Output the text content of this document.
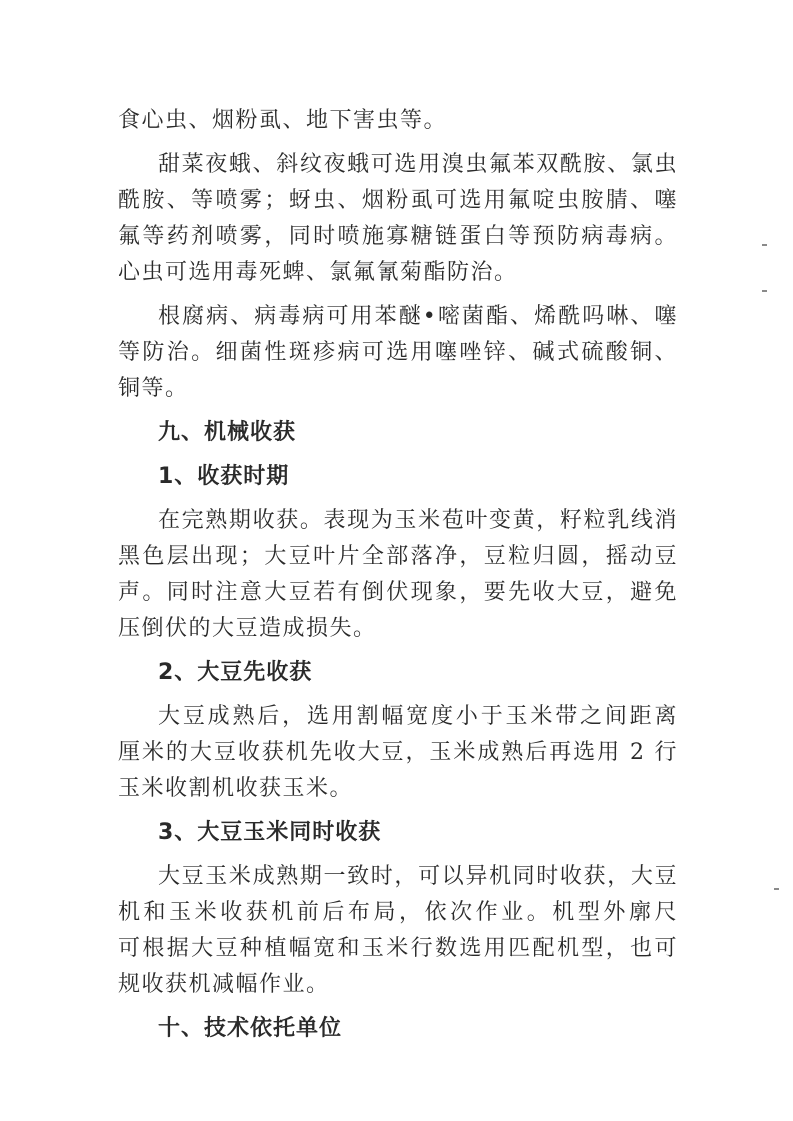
食心虫、烟粉虱、地下害虫等。
甜菜夜蛾、斜纹夜蛾可选用溴虫氟苯双酰胺、氯虫
酰胺、等喷雾；蚜虫、烟粉虱可选用氟啶虫胺腈、噻
氟等药剂喷雾，同时喷施寡糖链蛋白等预防病毒病。
心虫可选用毒死蜱、氯氟氰菊酯防治。
根腐病、病毒病可用苯醚•嘧菌酯、烯酰吗啉、噻
等防治。细菌性斑疹病可选用噻唑锌、碱式硫酸铜、
铜等。
九、机械收获
1、收获时期
在完熟期收获。表现为玉米苞叶变黄，籽粒乳线消
黑色层出现；大豆叶片全部落净，豆粒归圆，摇动豆
声。同时注意大豆若有倒伏现象，要先收大豆，避免
压倒伏的大豆造成损失。
2、大豆先收获
大豆成熟后，选用割幅宽度小于玉米带之间距离
厘米的大豆收获机先收大豆，玉米成熟后再选用 2 行
玉米收割机收获玉米。
3、大豆玉米同时收获
大豆玉米成熟期一致时，可以异机同时收获，大豆
机和玉米收获机前后布局，依次作业。机型外廓尺
可根据大豆种植幅宽和玉米行数选用匹配机型，也可
规收获机减幅作业。
十、技术依托单位
